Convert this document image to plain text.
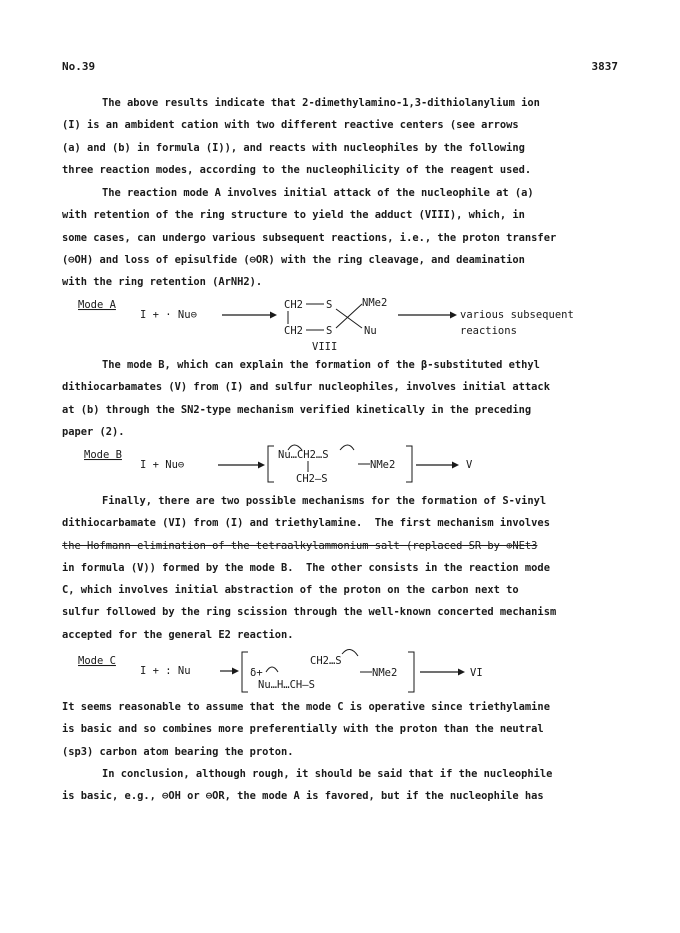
No.39	3837
The above results indicate that 2-dimethylamino-1,3-dithiolanylium ion
(I) is an ambident cation with two different reactive centers (see arrows
(a) and (b) in formula (I)), and reacts with nucleophiles by the following
three reaction modes, according to the nucleophilicity of the reagent used.
The reaction mode A involves initial attack of the nucleophile at (a)
with retention of the ring structure to yield the adduct (VIII), which, in
some cases, can undergo various subsequent reactions, i.e., the proton transfer
(⊖OH) and loss of episulfide (⊖OR) with the ring cleavage, and deamination
with the ring retention (ArNH2).
Mode A
I + · Nu⊖
CH2 S
CH2 S
NMe2
Nu
VIII
various subsequent
reactions
The mode B, which can explain the formation of the β-substituted ethyl
dithiocarbamates (V) from (I) and sulfur nucleophiles, involves initial attack
at (b) through the SN2-type mechanism verified kinetically in the preceding
paper (2).
Mode B
I + Nu⊖
Nu…CH2…S
CH2—S
NMe2	V
Finally, there are two possible mechanisms for the formation of S-vinyl
dithiocarbamate (VI) from (I) and triethylamine.  The first mechanism involves
the Hofmann elimination of the tetraalkylammonium salt (replaced SR by ⊕NEt3
in formula (V)) formed by the mode B.  The other consists in the reaction mode
C, which involves initial abstraction of the proton on the carbon next to
sulfur followed by the ring scission through the well-known concerted mechanism
accepted for the general E2 reaction.
Mode C
I + : Nu	δ+
CH2…S
Nu…H…CH—S
NMe2	VI
It seems reasonable to assume that the mode C is operative since triethylamine
is basic and so combines more preferentially with the proton than the neutral
(sp3) carbon atom bearing the proton.
In conclusion, although rough, it should be said that if the nucleophile
is basic, e.g., ⊖OH or ⊖OR, the mode A is favored, but if the nucleophile has
